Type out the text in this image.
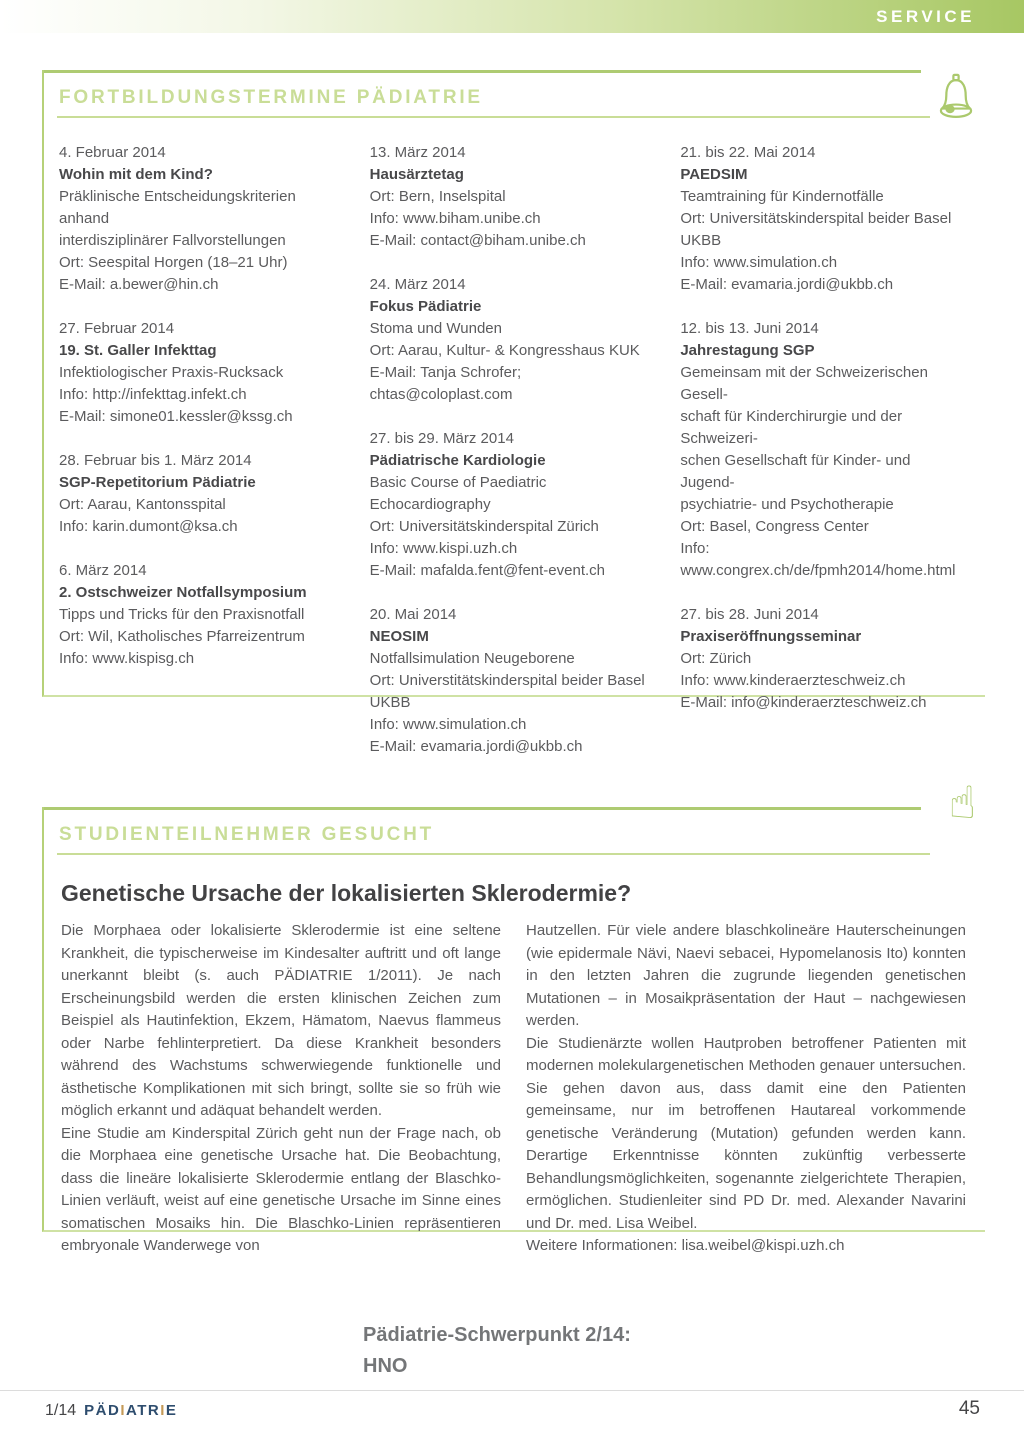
SERVICE
FORTBILDUNGSTERMINE PÄDIATRIE
4. Februar 2014
Wohin mit dem Kind?
Präklinische Entscheidungskriterien anhand
interdisziplinärer Fallvorstellungen
Ort: Seespital Horgen (18–21 Uhr)
E-Mail: a.bewer@hin.ch
27. Februar 2014
19. St. Galler Infekttag
Infektiologischer Praxis-Rucksack
Info: http://infekttag.infekt.ch
E-Mail: simone01.kessler@kssg.ch
28. Februar bis 1. März 2014
SGP-Repetitorium Pädiatrie
Ort: Aarau, Kantonsspital
Info: karin.dumont@ksa.ch
6. März 2014
2. Ostschweizer Notfallsymposium
Tipps und Tricks für den Praxisnotfall
Ort: Wil, Katholisches Pfarreizentrum
Info: www.kispisg.ch
13. März 2014
Hausärztetag
Ort: Bern, Inselspital
Info: www.biham.unibe.ch
E-Mail: contact@biham.unibe.ch
24. März 2014
Fokus Pädiatrie
Stoma und Wunden
Ort: Aarau, Kultur- & Kongresshaus KUK
E-Mail: Tanja Schrofer; chtas@coloplast.com
27. bis 29. März 2014
Pädiatrische Kardiologie
Basic Course of Paediatric Echocardiography
Ort: Universitätskinderspital Zürich
Info: www.kispi.uzh.ch
E-Mail: mafalda.fent@fent-event.ch
20. Mai 2014
NEOSIM
Notfallsimulation Neugeborene
Ort: Universtitätskinderspital beider Basel UKBB
Info: www.simulation.ch
E-Mail: evamaria.jordi@ukbb.ch
21. bis 22. Mai 2014
PAEDSIM
Teamtraining für Kindernotfälle
Ort: Universitätskinderspital beider Basel UKBB
Info: www.simulation.ch
E-Mail: evamaria.jordi@ukbb.ch
12. bis 13. Juni 2014
Jahrestagung SGP
Gemeinsam mit der Schweizerischen Gesell-
schaft für Kinderchirurgie und der Schweizeri-
schen Gesellschaft für Kinder- und Jugend-
psychiatrie- und Psychotherapie
Ort: Basel, Congress Center
Info: www.congrex.ch/de/fpmh2014/home.html
27. bis 28. Juni 2014
Praxiseröffnungsseminar
Ort: Zürich
Info: www.kinderaerzteschweiz.ch
E-Mail: info@kinderaerzteschweiz.ch
☝
STUDIENTEILNEHMER GESUCHT
Genetische Ursache der lokalisierten Sklerodermie?

Die Morphaea oder lokalisierte Sklerodermie ist eine seltene Krankheit, die typischerweise im Kindesalter auftritt und oft lange unerkannt bleibt (s. auch PÄDIATRIE 1/2011). Je nach Erscheinungsbild werden die ersten klinischen Zeichen zum Beispiel als Hautinfektion, Ekzem, Hämatom, Naevus flammeus oder Narbe fehlinterpretiert. Da diese Krankheit besonders während des Wachstums schwerwiegende funktionelle und ästhetische Komplikationen mit sich bringt, sollte sie so früh wie möglich erkannt und adäquat behandelt werden.

Eine Studie am Kinderspital Zürich geht nun der Frage nach, ob die Morphaea eine genetische Ursache hat. Die Beobachtung, dass die lineäre lokalisierte Sklerodermie entlang der Blaschko-Linien verläuft, weist auf eine genetische Ursache im Sinne eines somatischen Mosaiks hin. Die Blaschko-Linien repräsentieren embryonale Wanderwege von

Hautzellen. Für viele andere blaschkolineäre Hauterscheinungen (wie epidermale Nävi, Naevi sebacei, Hypomelanosis Ito) konnten in den letzten Jahren die zugrunde liegenden genetischen Mutationen – in Mosaikpräsentation der Haut – nachgewiesen werden.

Die Studienärzte wollen Hautproben betroffener Patienten mit modernen molekulargenetischen Methoden genauer untersuchen. Sie gehen davon aus, dass damit eine den Patienten gemeinsame, nur im betroffenen Hautareal vorkommende genetische Veränderung (Mutation) gefunden werden kann. Derartige Erkenntnisse könnten zukünftig verbesserte Behandlungsmöglichkeiten, sogenannte zielgerichtete Therapien, ermöglichen. Studienleiter sind PD Dr. med. Alexander Navarini und Dr. med. Lisa Weibel.

Weitere Informationen: lisa.weibel@kispi.uzh.ch

Pädiatrie-Schwerpunkt 2/14:
HNO
1/14 PÄDIATRIE	45
